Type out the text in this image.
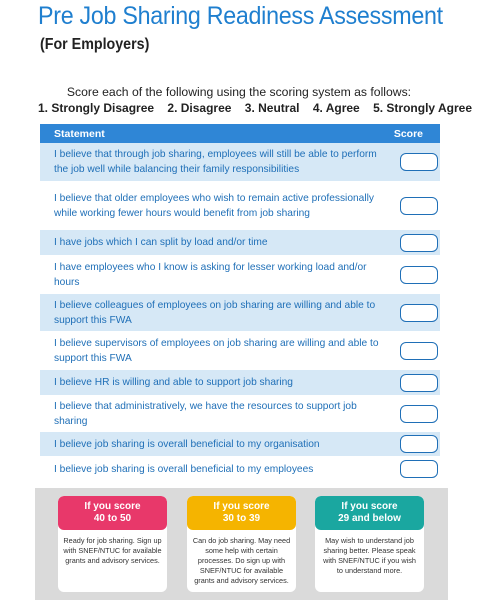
Pre Job Sharing Readiness Assessment
(For Employers)
Score each of the following using the scoring system as follows:
1. Strongly Disagree 2. Disagree 3. Neutral 4. Agree 5. Strongly Agree
Statement	Score
I believe that through job sharing, employees will still be able to perform the job well while balancing their family responsibilities
I believe that older employees who wish to remain active professionally while working fewer hours would benefit from job sharing
I have jobs which I can split by load and/or time
I have employees who I know is asking for lesser working load and/or hours
I believe colleagues of employees on job sharing are willing and able to support this FWA
I believe supervisors of employees on job sharing are willing and able to support this FWA
I believe HR is willing and able to support job sharing
I believe that administratively, we have the resources to support job sharing
I believe job sharing is overall beneficial to my organisation
I believe job sharing is overall beneficial to my employees
If you score
40 to 50
Ready for job sharing. Sign up with SNEF/NTUC for available grants and advisory services.
If you score
30 to 39
Can do job sharing. May need some help with certain processes. Do sign up with SNEF/NTUC for available grants and advisory services.
If you score
29 and below
May wish to understand job sharing better. Please speak with SNEF/NTUC if you wish to understand more.
